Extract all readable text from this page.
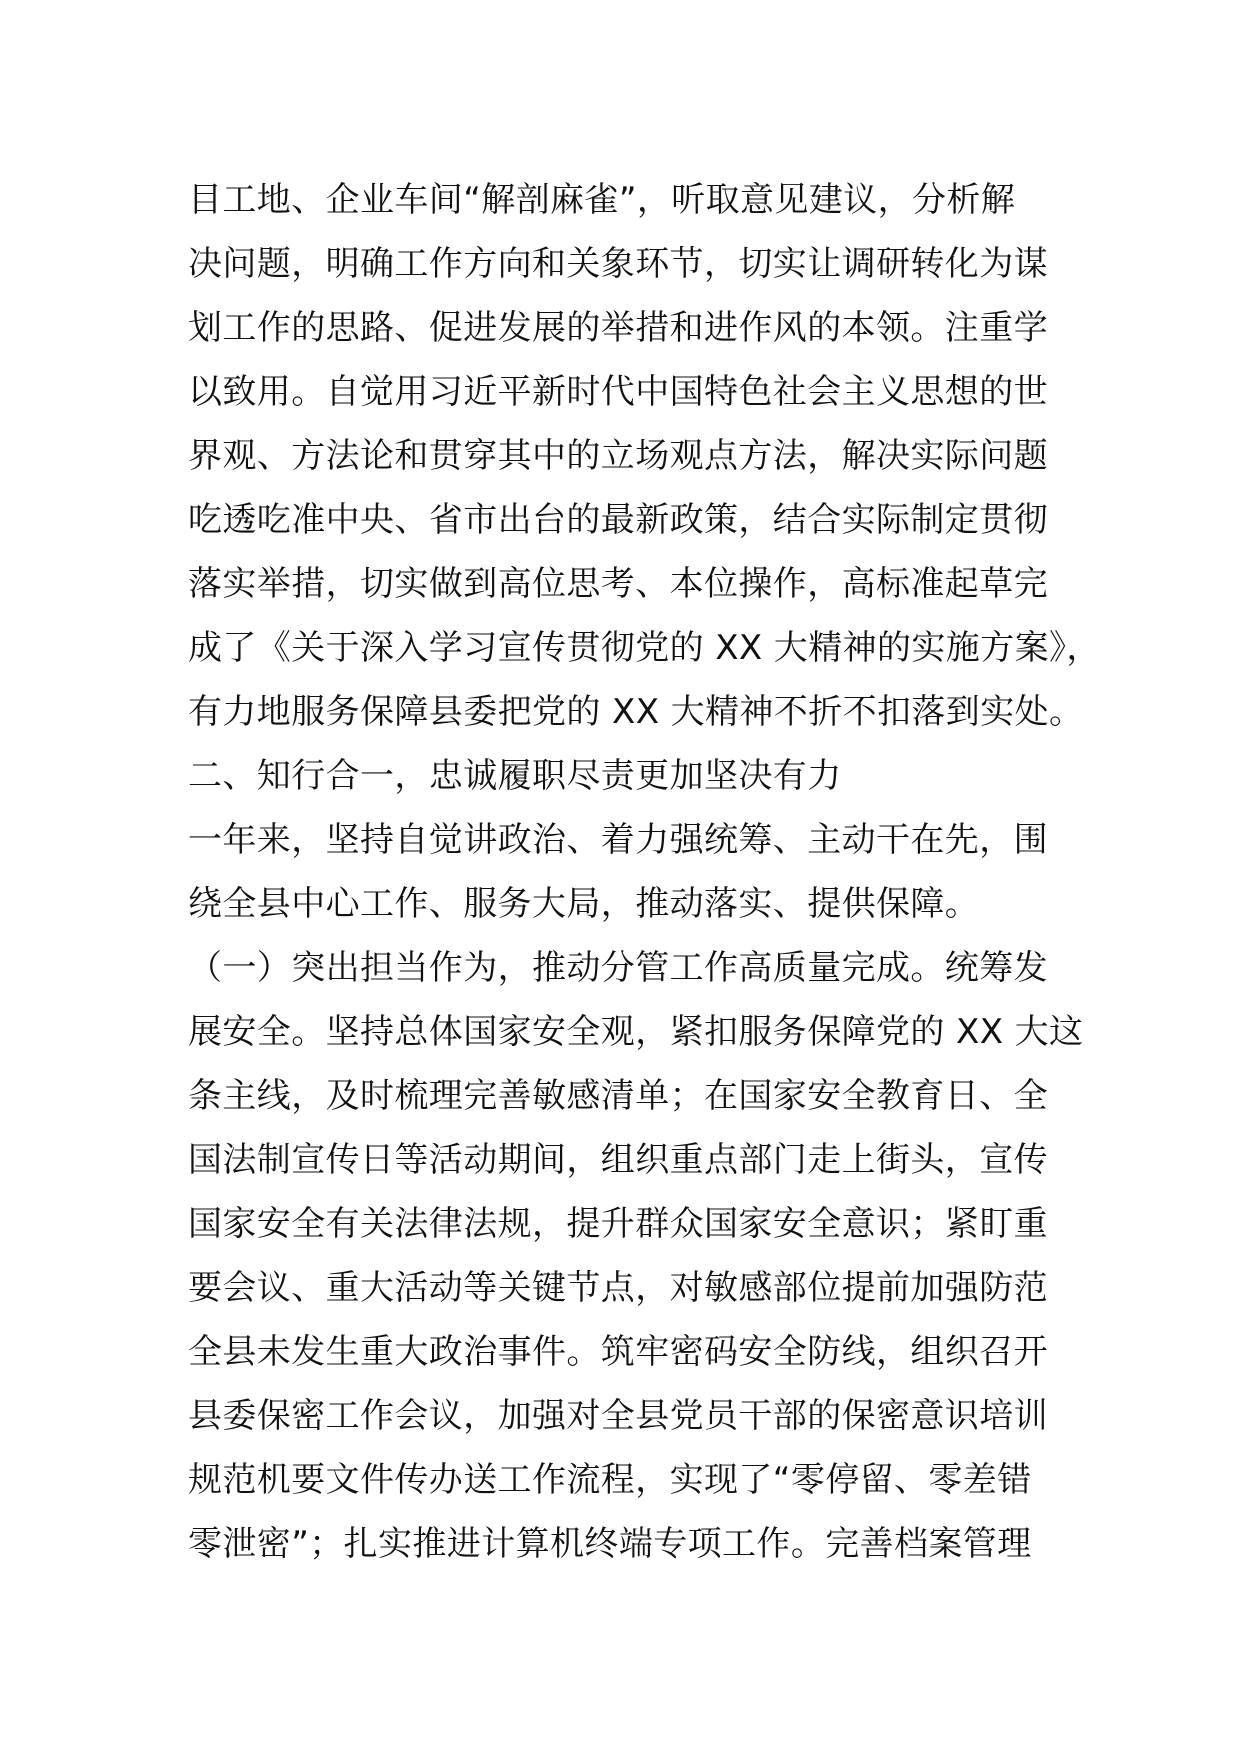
目工地、企业车间“解剖麻雀”，听取意见建议，分析解
决问题，明确工作方向和关象环节，切实让调研转化为谋
划工作的思路、促进发展的举措和进作风的本领。注重学
以致用。自觉用习近平新时代中国特色社会主义思想的世
界观、方法论和贯穿其中的立场观点方法，解决实际问题
吃透吃准中央、省市出台的最新政策，结合实际制定贯彻
落实举措，切实做到高位思考、本位操作，高标准起草完
成了《关于深入学习宣传贯彻党的 XX 大精神的实施方案》，
有力地服务保障县委把党的 XX 大精神不折不扣落到实处。
二、知行合一，忠诚履职尽责更加坚决有力
一年来，坚持自觉讲政治、着力强统筹、主动干在先，围
绕全县中心工作、服务大局，推动落实、提供保障。
（一）突出担当作为，推动分管工作高质量完成。统筹发
展安全。坚持总体国家安全观，紧扣服务保障党的 XX 大这
条主线，及时梳理完善敏感清单；在国家安全教育日、全
国法制宣传日等活动期间，组织重点部门走上街头，宣传
国家安全有关法律法规，提升群众国家安全意识；紧盯重
要会议、重大活动等关键节点，对敏感部位提前加强防范
全县未发生重大政治事件。筑牢密码安全防线，组织召开
县委保密工作会议，加强对全县党员干部的保密意识培训
规范机要文件传办送工作流程，实现了“零停留、零差错
零泄密”；扎实推进计算机终端专项工作。完善档案管理
